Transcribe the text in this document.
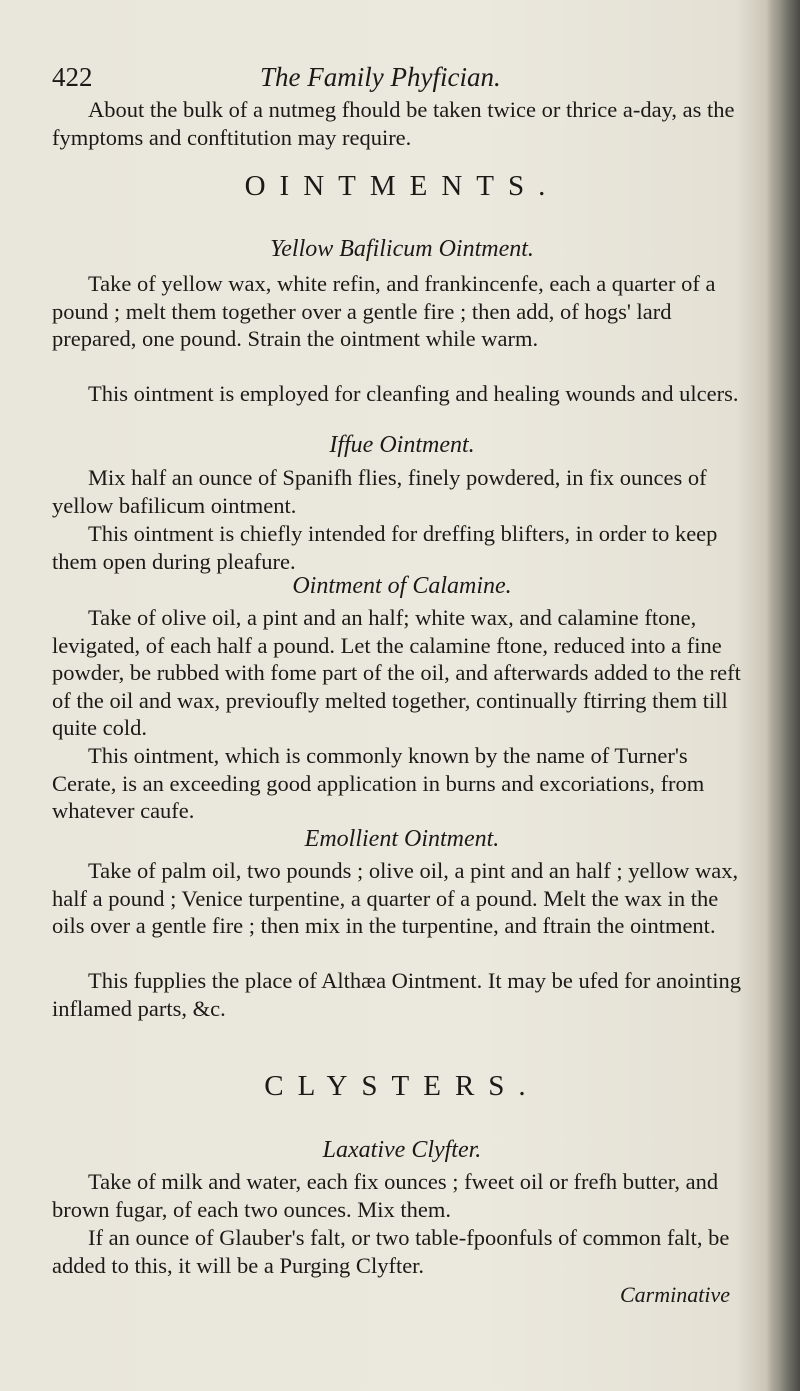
422	The Family Phyfician.

About the bulk of a nutmeg fhould be taken twice or thrice a-day, as the fymptoms and conftitution may require.

OINTMENTS.
Yellow Bafilicum Ointment.

Take of yellow wax, white refin, and frankincenfe, each a quarter of a pound ; melt them together over a gentle fire ; then add, of hogs' lard prepared, one pound. Strain the ointment while warm.

This ointment is employed for cleanfing and healing wounds and ulcers.

Iffue Ointment.

Mix half an ounce of Spanifh flies, finely powdered, in fix ounces of yellow bafilicum ointment.

This ointment is chiefly intended for dreffing blifters, in order to keep them open during pleafure.

Ointment of Calamine.

Take of olive oil, a pint and an half; white wax, and calamine ftone, levigated, of each half a pound. Let the calamine ftone, reduced into a fine powder, be rubbed with fome part of the oil, and afterwards added to the reft of the oil and wax, previoufly melted together, continually ftirring them till quite cold.

This ointment, which is commonly known by the name of Turner's Cerate, is an exceeding good application in burns and excoriations, from whatever caufe.

Emollient Ointment.

Take of palm oil, two pounds ; olive oil, a pint and an half ; yellow wax, half a pound ; Venice turpentine, a quarter of a pound. Melt the wax in the oils over a gentle fire ; then mix in the turpentine, and ftrain the ointment.

This fupplies the place of Althæa Ointment. It may be ufed for anointing inflamed parts, &c.

CLYSTERS.
Laxative Clyfter.

Take of milk and water, each fix ounces ; fweet oil or frefh butter, and brown fugar, of each two ounces. Mix them.

If an ounce of Glauber's falt, or two table-fpoonfuls of common falt, be added to this, it will be a Purging Clyfter.

Carminative
